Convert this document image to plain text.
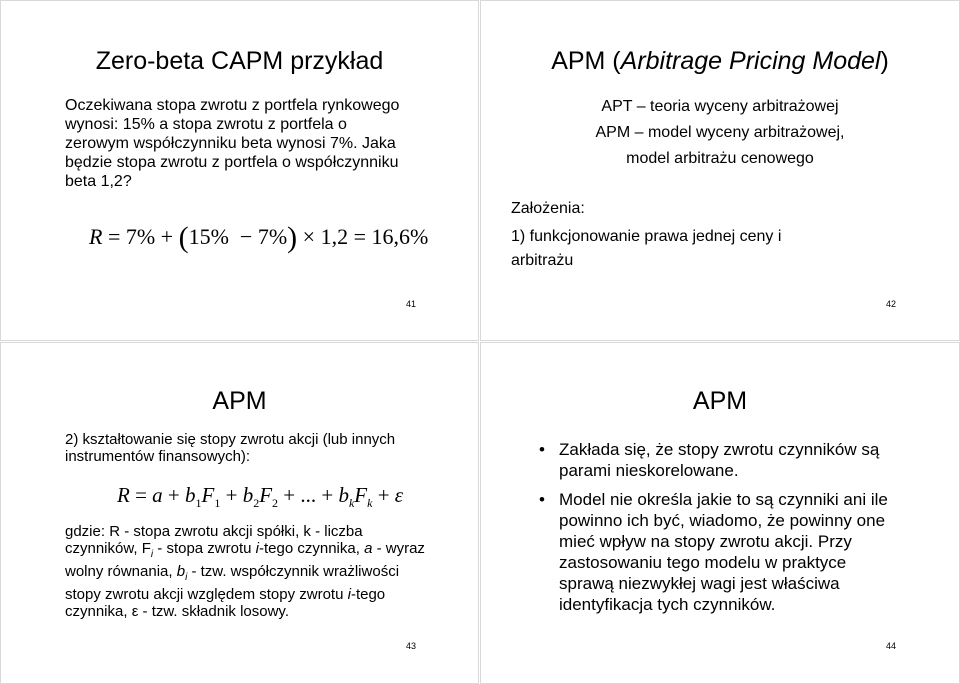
Zero-beta CAPM przykład
Oczekiwana stopa zwrotu z portfela rynkowego wynosi: 15% a stopa zwrotu z portfela o zerowym współczynniku beta wynosi 7%. Jaka będzie stopa zwrotu z portfela o współczynniku beta 1,2?
R = 7% + (15%  − 7%) × 1,2 = 16,6%
41
APM (Arbitrage Pricing Model)
APT – teoria wyceny arbitrażowej
APM – model wyceny arbitrażowej,
model arbitrażu cenowego
Założenia:
1) funkcjonowanie prawa jednej ceny i arbitrażu
42
APM
2) kształtowanie się stopy zwrotu akcji (lub innych instrumentów finansowych):
$R = a + b_1F_1 + b_2F_2$ + ... + $b_kF_k + \varepsilon$
gdzie: R - stopa zwrotu akcji spółki, k - liczba czynników, $F_i$ - stopa zwrotu i-tego czynnika, a - wyraz wolny równania, $b_i$ - tzw. współczynnik wrażliwości stopy zwrotu akcji względem stopy zwrotu i-tego czynnika, ε - tzw. składnik losowy.
43
APM
• Zakłada się, że stopy zwrotu czynników są parami nieskorelowane.
• Model nie określa jakie to są czynniki ani ile powinno ich być, wiadomo, że powinny one mieć wpływ na stopy zwrotu akcji. Przy zastosowaniu tego modelu w praktyce sprawą niezwykłej wagi jest właściwa identyfikacja tych czynników.
44
